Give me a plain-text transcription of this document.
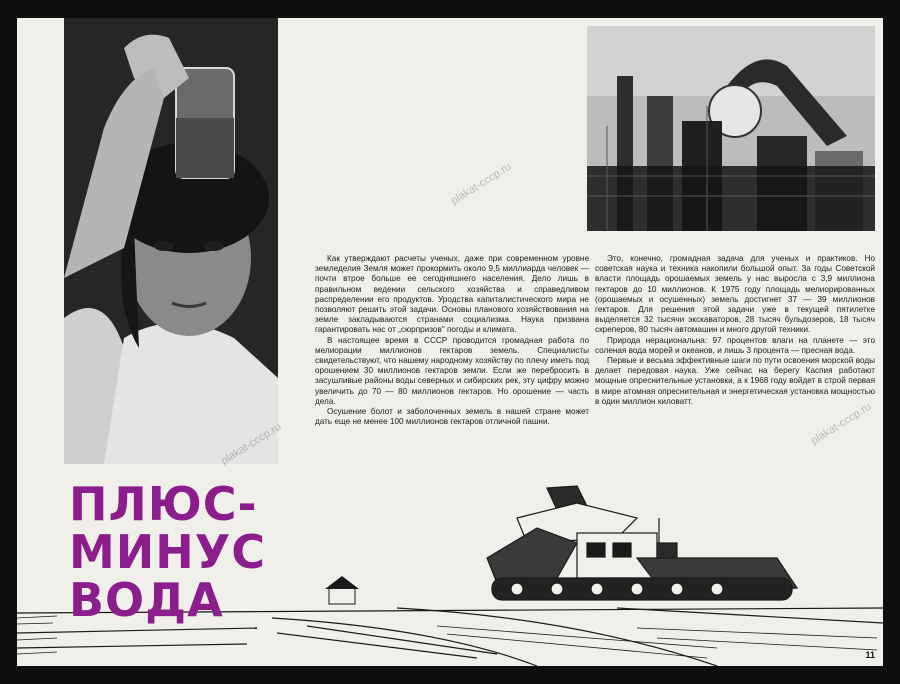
Как утверждают расчеты ученых, даже при современном уровне земледелия Земля может прокормить около 9,5 миллиарда человек — почти втрое больше ее сегодняшнего населения. Дело лишь в правильном ведении сельского хозяйства и справедливом распределении его продуктов. Уродства капиталистического мира не позволяют решить этой задачи. Основы планового хозяйствования на земле закладываются странами социализма. Наука призвана гарантировать нас от „сюрпризов" погоды и климата.

В настоящее время в СССР проводится громадная работа по мелиорации миллионов гектаров земель. Специалисты свидетельствуют, что нашему народному хозяйству по плечу иметь под орошением 30 миллионов гектаров земли. Если же перебросить в засушливые районы воды северных и сибирских рек, эту цифру можно увеличить до 70 — 80 миллионов гектаров. Но орошение — часть дела.

Осушение болот и заболоченных земель в нашей стране может дать еще не менее 100 миллионов гектаров отличной пашни.

Это, конечно, громадная задача для ученых и практиков. Но советская наука и техника накопили большой опыт. За годы Советской власти площадь орошаемых земель у нас выросла с 3,9 миллиона гектаров до 10 миллионов. К 1975 году площадь мелиорированных (орошаемых и осушенных) земель достигнет 37 — 39 миллионов гектаров. Для решения этой задачи уже в текущей пятилетке выделяется 32 тысячи экскаваторов, 28 тысяч бульдозеров, 18 тысяч скреперов, 80 тысяч автомашин и много другой техники.

Природа нерациональна: 97 процентов влаги на планете — это соленая вода морей и океанов, и лишь 3 процента — пресная вода.

Первые и весьма эффективные шаги по пути освоения морской воды делает передовая наука. Уже сейчас на берегу Каспия работают мощные опреснительные установки, а к 1968 году войдет в строй первая в мире атомная опреснительная и энергетическая установка мощностью в один миллион киловатт.

ПЛЮС-
МИНУС
ВОДА
plakat-cccp.ru
plakat-cccp.ru
plakat-cccp.ru
11
